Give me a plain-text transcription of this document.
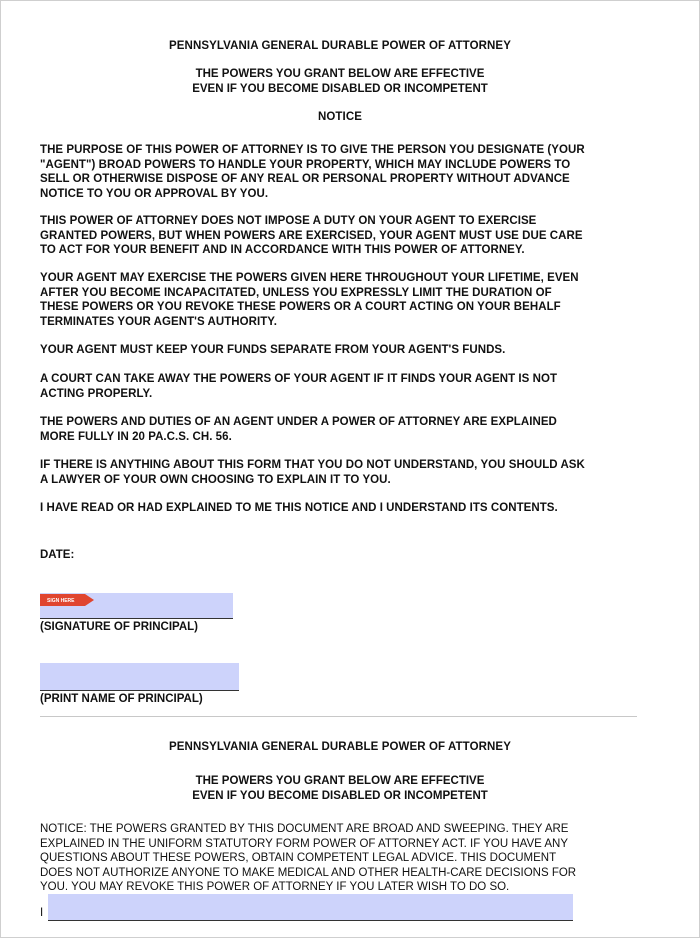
PENNSYLVANIA GENERAL DURABLE POWER OF ATTORNEY
THE POWERS YOU GRANT BELOW ARE EFFECTIVE
EVEN IF YOU BECOME DISABLED OR INCOMPETENT
NOTICE
THE PURPOSE OF THIS POWER OF ATTORNEY IS TO GIVE THE PERSON YOU DESIGNATE (YOUR
"AGENT") BROAD POWERS TO HANDLE YOUR PROPERTY, WHICH MAY INCLUDE POWERS TO
SELL OR OTHERWISE DISPOSE OF ANY REAL OR PERSONAL PROPERTY WITHOUT ADVANCE
NOTICE TO YOU OR APPROVAL BY YOU.
THIS POWER OF ATTORNEY DOES NOT IMPOSE A DUTY ON YOUR AGENT TO EXERCISE
GRANTED POWERS, BUT WHEN POWERS ARE EXERCISED, YOUR AGENT MUST USE DUE CARE
TO ACT FOR YOUR BENEFIT AND IN ACCORDANCE WITH THIS POWER OF ATTORNEY.
YOUR AGENT MAY EXERCISE THE POWERS GIVEN HERE THROUGHOUT YOUR LIFETIME, EVEN
AFTER YOU BECOME INCAPACITATED, UNLESS YOU EXPRESSLY LIMIT THE DURATION OF
THESE POWERS OR YOU REVOKE THESE POWERS OR A COURT ACTING ON YOUR BEHALF
TERMINATES YOUR AGENT'S AUTHORITY.
YOUR AGENT MUST KEEP YOUR FUNDS SEPARATE FROM YOUR AGENT'S FUNDS.
A COURT CAN TAKE AWAY THE POWERS OF YOUR AGENT IF IT FINDS YOUR AGENT IS NOT
ACTING PROPERLY.
THE POWERS AND DUTIES OF AN AGENT UNDER A POWER OF ATTORNEY ARE EXPLAINED
MORE FULLY IN 20 PA.C.S. CH. 56.
IF THERE IS ANYTHING ABOUT THIS FORM THAT YOU DO NOT UNDERSTAND, YOU SHOULD ASK
A LAWYER OF YOUR OWN CHOOSING TO EXPLAIN IT TO YOU.
I HAVE READ OR HAD EXPLAINED TO ME THIS NOTICE AND I UNDERSTAND ITS CONTENTS.
DATE:
SIGN HERE
(SIGNATURE OF PRINCIPAL)
(PRINT NAME OF PRINCIPAL)
PENNSYLVANIA GENERAL DURABLE POWER OF ATTORNEY
THE POWERS YOU GRANT BELOW ARE EFFECTIVE
EVEN IF YOU BECOME DISABLED OR INCOMPETENT
NOTICE: THE POWERS GRANTED BY THIS DOCUMENT ARE BROAD AND SWEEPING. THEY ARE
EXPLAINED IN THE UNIFORM STATUTORY FORM POWER OF ATTORNEY ACT. IF YOU HAVE ANY
QUESTIONS ABOUT THESE POWERS, OBTAIN COMPETENT LEGAL ADVICE. THIS DOCUMENT
DOES NOT AUTHORIZE ANYONE TO MAKE MEDICAL AND OTHER HEALTH-CARE DECISIONS FOR
YOU. YOU MAY REVOKE THIS POWER OF ATTORNEY IF YOU LATER WISH TO DO SO.
I
